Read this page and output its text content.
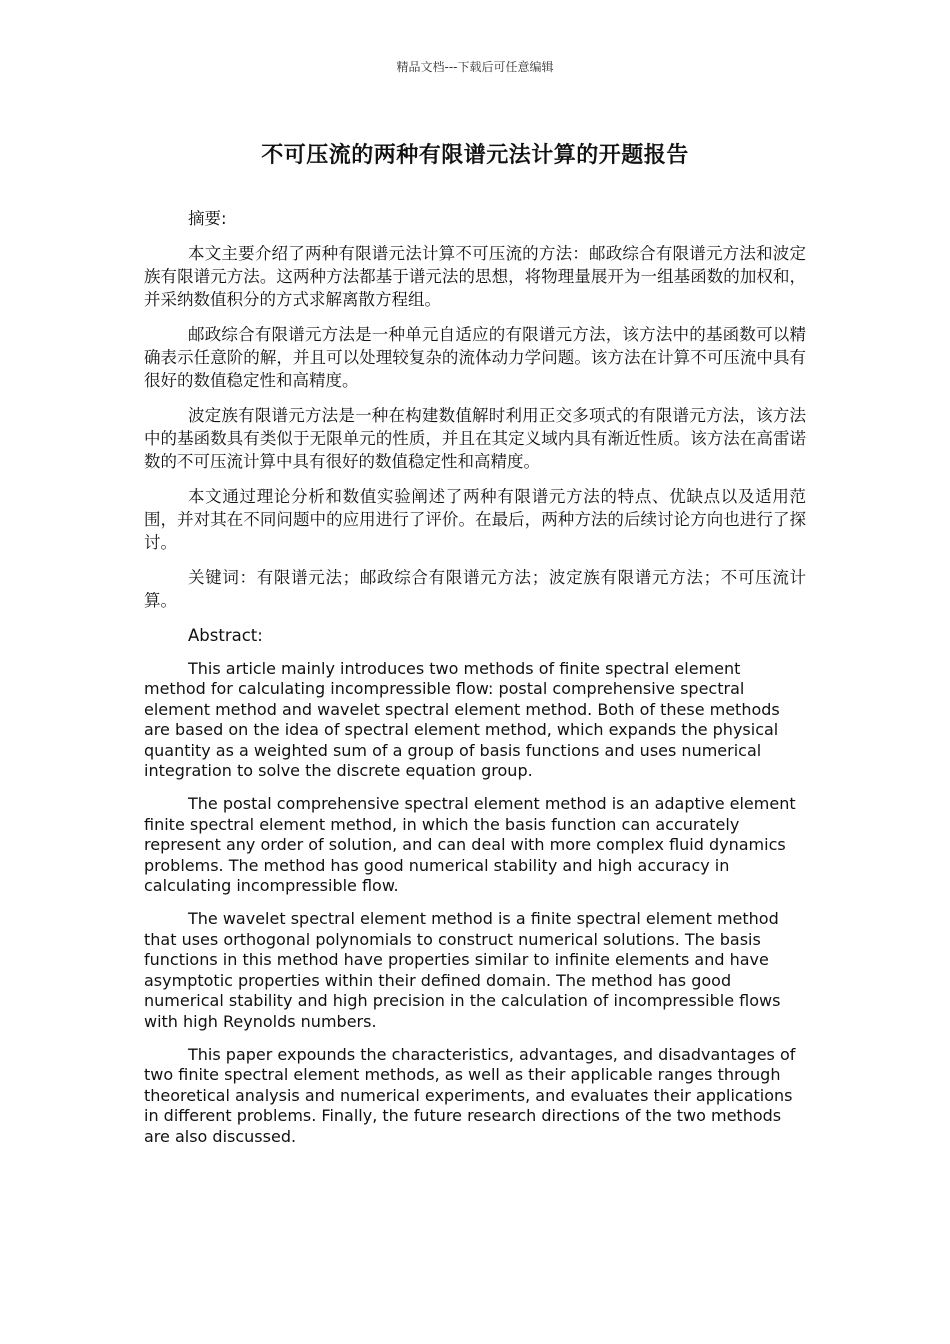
精品文档---下载后可任意编辑
不可压流的两种有限谱元法计算的开题报告

摘要:

本文主要介绍了两种有限谱元法计算不可压流的方法：邮政综合有限谱元方法和波定族有限谱元方法。这两种方法都基于谱元法的思想，将物理量展开为一组基函数的加权和，并采纳数值积分的方式求解离散方程组。

邮政综合有限谱元方法是一种单元自适应的有限谱元方法，该方法中的基函数可以精确表示任意阶的解，并且可以处理较复杂的流体动力学问题。该方法在计算不可压流中具有很好的数值稳定性和高精度。

波定族有限谱元方法是一种在构建数值解时利用正交多项式的有限谱元方法，该方法中的基函数具有类似于无限单元的性质，并且在其定义域内具有渐近性质。该方法在高雷诺数的不可压流计算中具有很好的数值稳定性和高精度。

本文通过理论分析和数值实验阐述了两种有限谱元方法的特点、优缺点以及适用范围，并对其在不同问题中的应用进行了评价。在最后，两种方法的后续讨论方向也进行了探讨。

关键词：有限谱元法；邮政综合有限谱元方法；波定族有限谱元方法；不可压流计算。

Abstract:

This article mainly introduces two methods of finite spectral element method for calculating incompressible flow: postal comprehensive spectral element method and wavelet spectral element method. Both of these methods are based on the idea of spectral element method, which expands the physical quantity as a weighted sum of a group of basis functions and uses numerical integration to solve the discrete equation group.

The postal comprehensive spectral element method is an adaptive element finite spectral element method, in which the basis function can accurately represent any order of solution, and can deal with more complex fluid dynamics problems. The method has good numerical stability and high accuracy in calculating incompressible flow.

The wavelet spectral element method is a finite spectral element method that uses orthogonal polynomials to construct numerical solutions. The basis functions in this method have properties similar to infinite elements and have asymptotic properties within their defined domain. The method has good numerical stability and high precision in the calculation of incompressible flows with high Reynolds numbers.

This paper expounds the characteristics, advantages, and disadvantages of two finite spectral element methods, as well as their applicable ranges through theoretical analysis and numerical experiments, and evaluates their applications in different problems. Finally, the future research directions of the two methods are also discussed.
